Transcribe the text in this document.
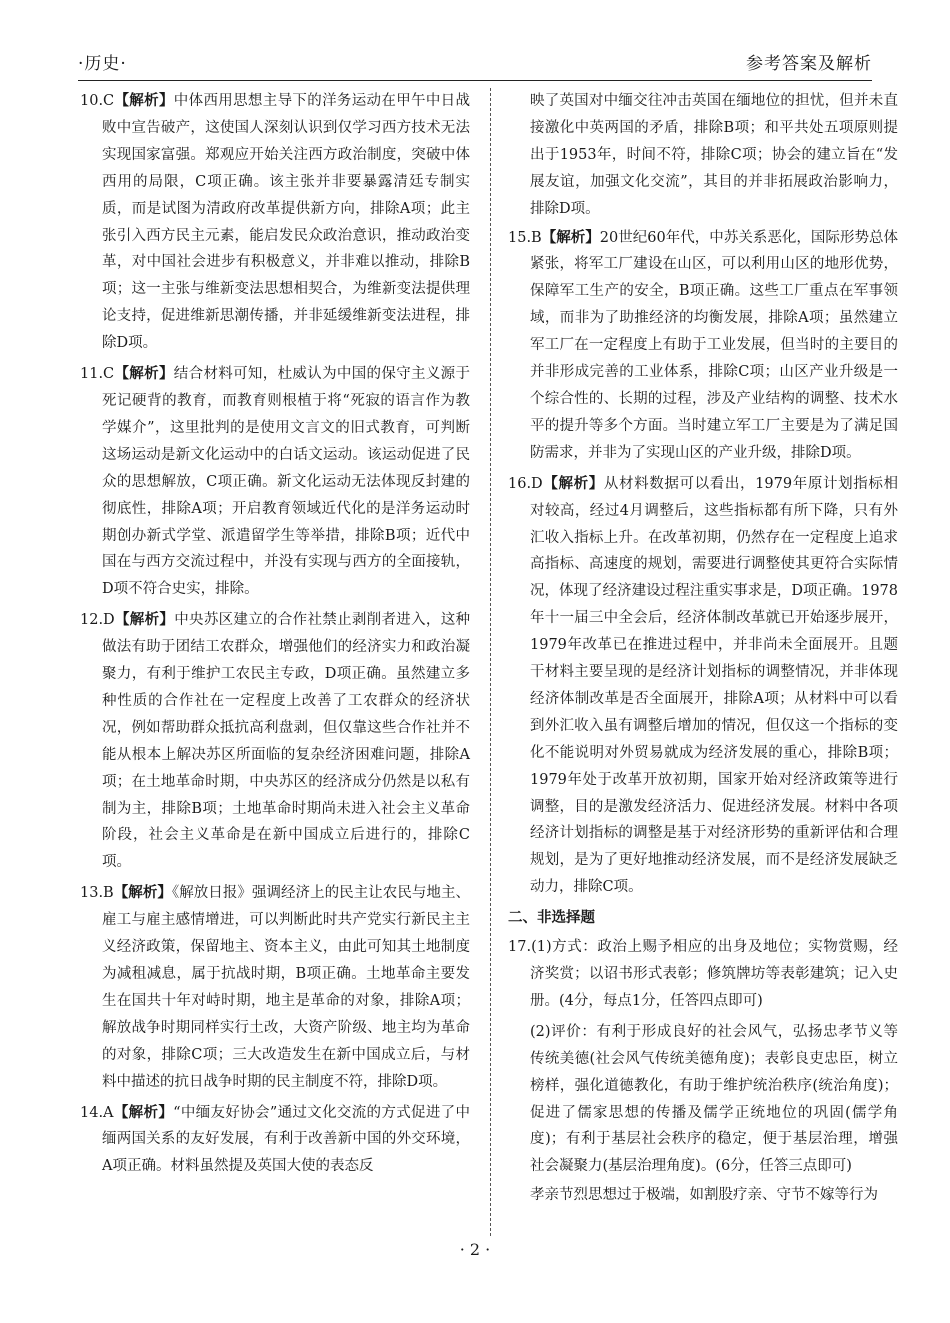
·历史·	参考答案及解析

10.C【解析】中体西用思想主导下的洋务运动在甲午中日战败中宣告破产，这使国人深刻认识到仅学习西方技术无法实现国家富强。郑观应开始关注西方政治制度，突破中体西用的局限，C项正确。该主张并非要暴露清廷专制实质，而是试图为清政府改革提供新方向，排除A项；此主张引入西方民主元素，能启发民众政治意识，推动政治变革，对中国社会进步有积极意义，并非难以推动，排除B项；这一主张与维新变法思想相契合，为维新变法提供理论支持，促进维新思潮传播，并非延缓维新变法进程，排除D项。

11.C【解析】结合材料可知，杜威认为中国的保守主义源于死记硬背的教育，而教育则根植于将“死寂的语言作为教学媒介”，这里批判的是使用文言文的旧式教育，可判断这场运动是新文化运动中的白话文运动。该运动促进了民众的思想解放，C项正确。新文化运动无法体现反封建的彻底性，排除A项；开启教育领域近代化的是洋务运动时期创办新式学堂、派遣留学生等举措，排除B项；近代中国在与西方交流过程中，并没有实现与西方的全面接轨，D项不符合史实，排除。

12.D【解析】中央苏区建立的合作社禁止剥削者进入，这种做法有助于团结工农群众，增强他们的经济实力和政治凝聚力，有利于维护工农民主专政，D项正确。虽然建立多种性质的合作社在一定程度上改善了工农群众的经济状况，例如帮助群众抵抗高利盘剥，但仅靠这些合作社并不能从根本上解决苏区所面临的复杂经济困难问题，排除A项；在土地革命时期，中央苏区的经济成分仍然是以私有制为主，排除B项；土地革命时期尚未进入社会主义革命阶段，社会主义革命是在新中国成立后进行的，排除C项。

13.B【解析】《解放日报》强调经济上的民主让农民与地主、雇工与雇主感情增进，可以判断此时共产党实行新民主主义经济政策，保留地主、资本主义，由此可知其土地制度为减租减息，属于抗战时期，B项正确。土地革命主要发生在国共十年对峙时期，地主是革命的对象，排除A项；解放战争时期同样实行土改，大资产阶级、地主均为革命的对象，排除C项；三大改造发生在新中国成立后，与材料中描述的抗日战争时期的民主制度不符，排除D项。

14.A【解析】“中缅友好协会”通过文化交流的方式促进了中缅两国关系的友好发展，有利于改善新中国的外交环境，A项正确。材料虽然提及英国大使的表态反

映了英国对中缅交往冲击英国在缅地位的担忧，但并未直接激化中英两国的矛盾，排除B项；和平共处五项原则提出于1953年，时间不符，排除C项；协会的建立旨在“发展友谊，加强文化交流”，其目的并非拓展政治影响力，排除D项。

15.B【解析】20世纪60年代，中苏关系恶化，国际形势总体紧张，将军工厂建设在山区，可以利用山区的地形优势，保障军工生产的安全，B项正确。这些工厂重点在军事领域，而非为了助推经济的均衡发展，排除A项；虽然建立军工厂在一定程度上有助于工业发展，但当时的主要目的并非形成完善的工业体系，排除C项；山区产业升级是一个综合性的、长期的过程，涉及产业结构的调整、技术水平的提升等多个方面。当时建立军工厂主要是为了满足国防需求，并非为了实现山区的产业升级，排除D项。

16.D【解析】从材料数据可以看出，1979年原计划指标相对较高，经过4月调整后，这些指标都有所下降，只有外汇收入指标上升。在改革初期，仍然存在一定程度上追求高指标、高速度的规划，需要进行调整使其更符合实际情况，体现了经济建设过程注重实事求是，D项正确。1978年十一届三中全会后，经济体制改革就已开始逐步展开，1979年改革已在推进过程中，并非尚未全面展开。且题干材料主要呈现的是经济计划指标的调整情况，并非体现经济体制改革是否全面展开，排除A项；从材料中可以看到外汇收入虽有调整后增加的情况，但仅这一个指标的变化不能说明对外贸易就成为经济发展的重心，排除B项；1979年处于改革开放初期，国家开始对经济政策等进行调整，目的是激发经济活力、促进经济发展。材料中各项经济计划指标的调整是基于对经济形势的重新评估和合理规划，是为了更好地推动经济发展，而不是经济发展缺乏动力，排除C项。

二、非选择题

17.(1)方式：政治上赐予相应的出身及地位；实物赏赐，经济奖赏；以诏书形式表彰；修筑牌坊等表彰建筑；记入史册。(4分，每点1分，任答四点即可)

(2)评价：有利于形成良好的社会风气，弘扬忠孝节义等传统美德(社会风气传统美德角度)；表彰良吏忠臣，树立榜样，强化道德教化，有助于维护统治秩序(统治角度)；促进了儒家思想的传播及儒学正统地位的巩固(儒学角度)；有利于基层社会秩序的稳定，便于基层治理，增强社会凝聚力(基层治理角度)。(6分，任答三点即可)

孝亲节烈思想过于极端，如割股疗亲、守节不嫁等行为

· 2 ·
